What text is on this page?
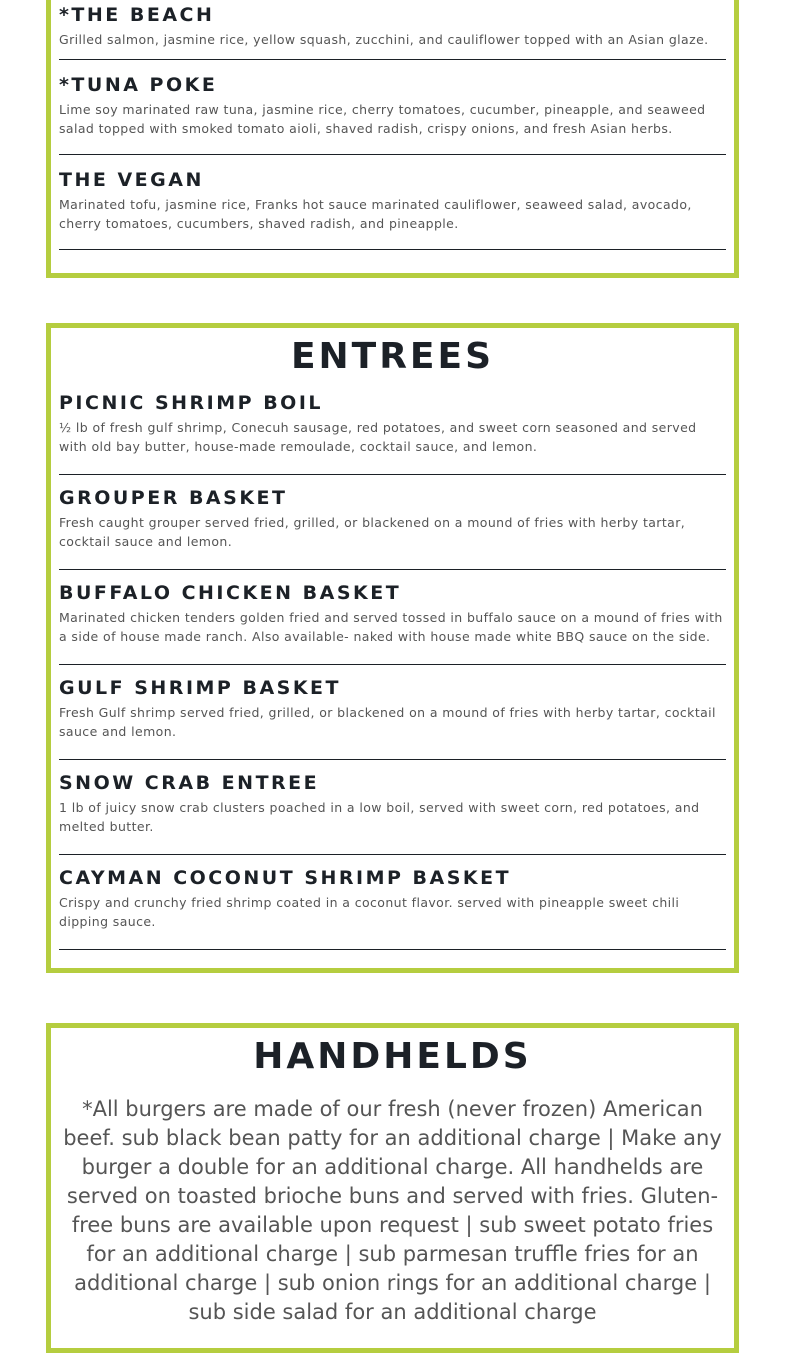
*THE BEACH

Grilled salmon, jasmine rice, yellow squash, zucchini, and cauliflower topped with an Asian glaze.

*TUNA POKE

Lime soy marinated raw tuna, jasmine rice, cherry tomatoes, cucumber, pineapple, and seaweed salad topped with smoked tomato aioli, shaved radish, crispy onions, and fresh Asian herbs.

THE VEGAN

Marinated tofu, jasmine rice, Franks hot sauce marinated cauliflower, seaweed salad, avocado, cherry tomatoes, cucumbers, shaved radish, and pineapple.

ENTREES

PICNIC SHRIMP BOIL

½ lb of fresh gulf shrimp, Conecuh sausage, red potatoes, and sweet corn seasoned and served with old bay butter, house-made remoulade, cocktail sauce, and lemon.

GROUPER BASKET

Fresh caught grouper served fried, grilled, or blackened on a mound of fries with herby tartar, cocktail sauce and lemon.

BUFFALO CHICKEN BASKET

Marinated chicken tenders golden fried and served tossed in buffalo sauce on a mound of fries with a side of house made ranch. Also available- naked with house made white BBQ sauce on the side.

GULF SHRIMP BASKET

Fresh Gulf shrimp served fried, grilled, or blackened on a mound of fries with herby tartar, cocktail sauce and lemon.

SNOW CRAB ENTREE

1 lb of juicy snow crab clusters poached in a low boil, served with sweet corn, red potatoes, and melted butter.

CAYMAN COCONUT SHRIMP BASKET

Crispy and crunchy fried shrimp coated in a coconut flavor. served with pineapple sweet chili dipping sauce.

HANDHELDS

*All burgers are made of our fresh (never frozen) American beef. sub black bean patty for an additional charge | Make any burger a double for an additional charge. All handhelds are served on toasted brioche buns and served with fries. Gluten-free buns are available upon request | sub sweet potato fries for an additional charge | sub parmesan truffle fries for an additional charge | sub onion rings for an additional charge | sub side salad for an additional charge
